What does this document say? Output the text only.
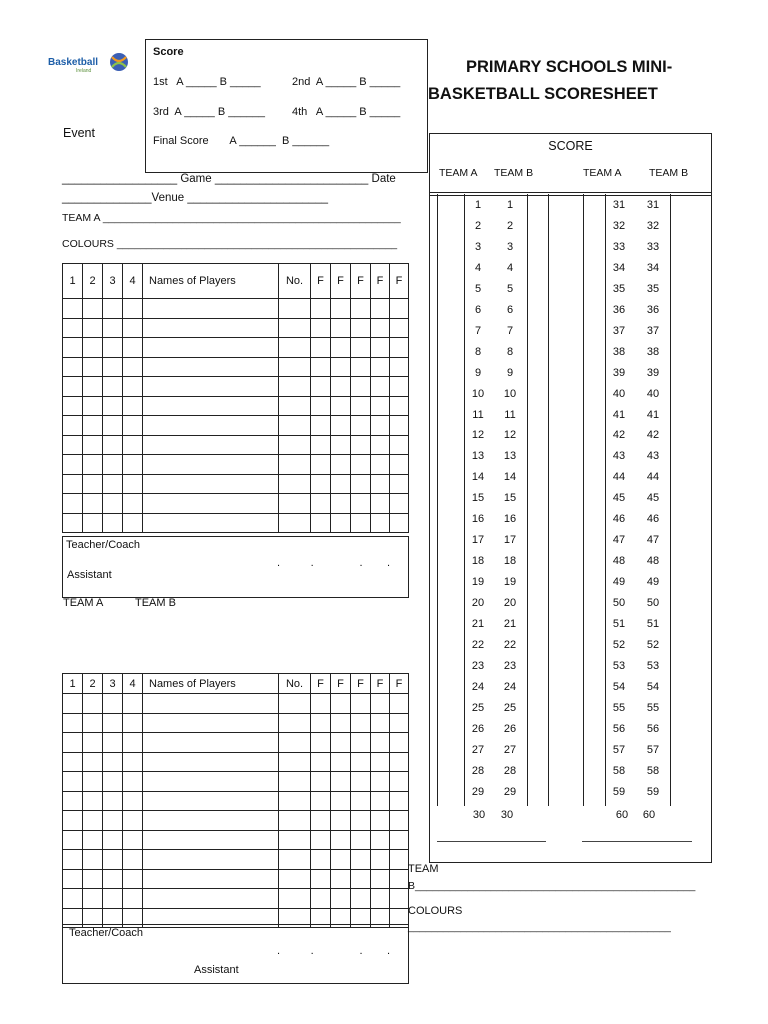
Basketball
Ireland
Score
1st   A _____ B _____	2nd  A _____ B _____
3rd  A _____ B ______ 4th   A _____ B _____
Final Score       A ______  B ______
PRIMARY SCHOOLS MINI-
BASKETBALL SCORESHEET
Event
__________________ Game ________________________ Date
______________Venue ______________________
TEAM A ___________________________________________________
COLOURS ________________________________________________
1	2	3	4	Names of Players	No.	F	F	F	F	F

Teacher/Coach
Assistant
.          .               .        .
TEAM A	TEAM B
1	2	3	4	Names of Players	No.	F	F	F	F	F

Teacher/Coach
Assistant
.          .               .        .
SCORE
TEAM A TEAM B	TEAM A	TEAM B
1	1	31	31
2	2	32	32
3	3	33	33
4	4	34	34
5	5	35	35
6	6	36	36
7	7	37	37
8	8	38	38
9	9	39	39
10	10	40	40
11	11	41	41
12	12	42	42
13	13	43	43
14	14	44	44
15	15	45	45
16	16	46	46
17	17	47	47
18	18	48	48
19	19	49	49
20	20	50	50
21	21	51	51
22	22	52	52
23	23	53	53
24	24	54	54
25	25	55	55
26	26	56	56
27	27	57	57
28	28	58	58
29	29	59	59
30	30	60	60
TEAM
B________________________________________________
COLOURS
_____________________________________________
